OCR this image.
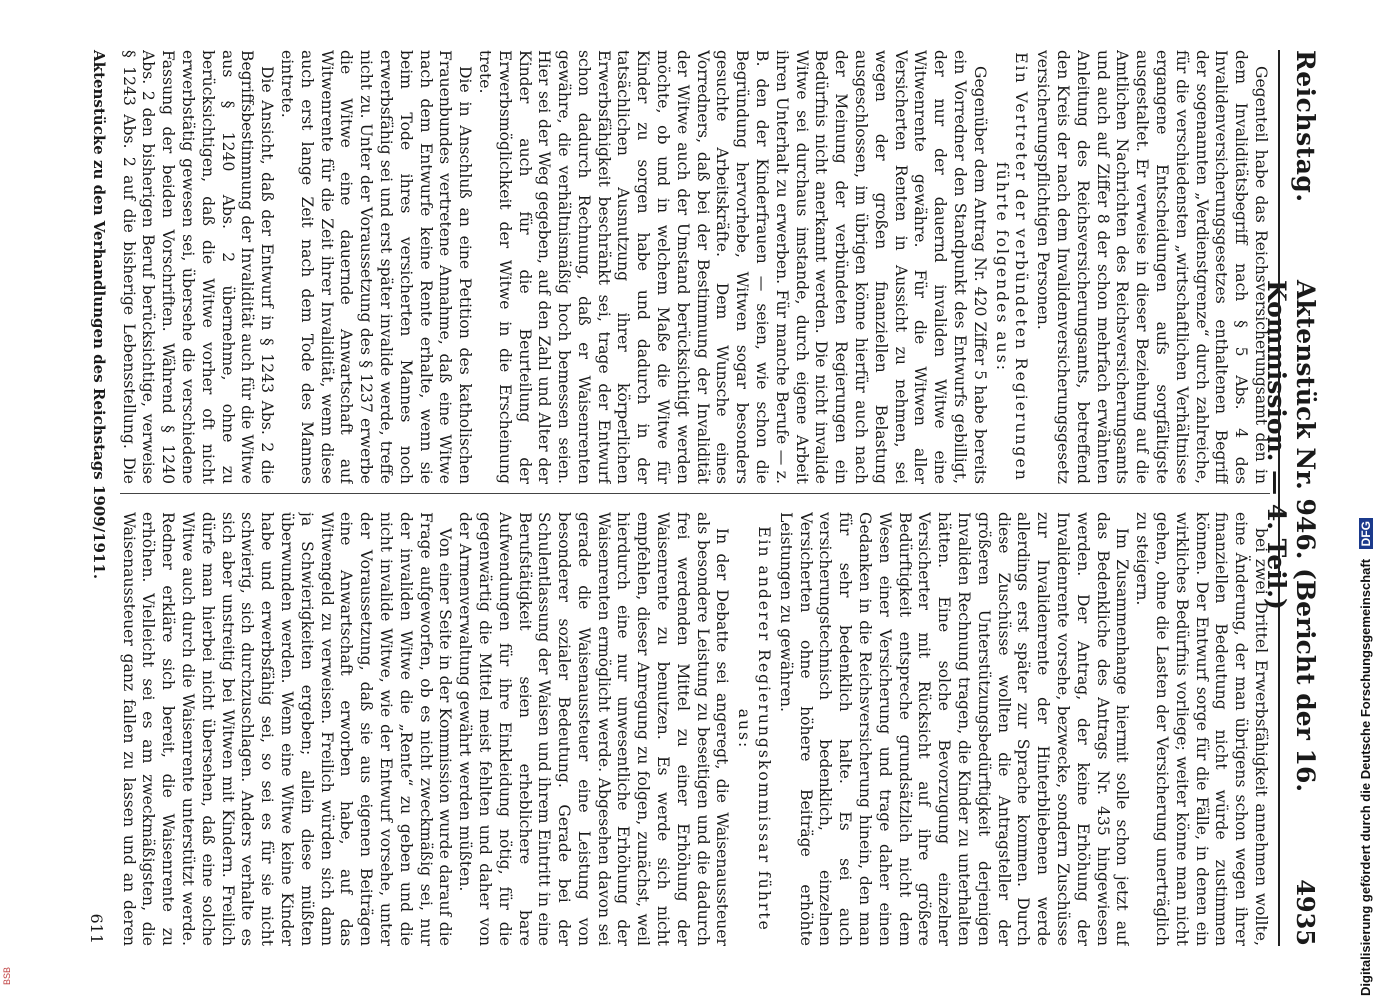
Reichstag.
Aktenstück Nr. 946. (Bericht der 16. Kommission. — 4. Teil.)
4935

Gegenteil habe das Reichsversicherungsamt den in dem Invaliditätsbegriff nach § 5 Abs. 4 des Invalidenversicherungsgesetzes enthaltenen Begriff der sogenannten „Verdienstgrenze“ durch zahlreiche, für die verschiedensten „wirtschaftlichen Verhältnisse ergangene Entscheidungen aufs sorgfältigste ausgestaltet. Er verweise in dieser Beziehung auf die Amtlichen Nachrichten des Reichsversicherungsamts und auch auf Ziffer 8 der schon mehrfach erwähnten Anleitung des Reichsversicherungsamts, betreffend den Kreis der nach dem Invalidenversicherungsgesetz versicherungspflichtigen Personen.

Ein Vertreter der verbündeten Regierungen führte folgendes aus:

Gegenüber dem Antrag Nr. 420 Ziffer 5 habe bereits ein Vorredner den Standpunkt des Entwurfs gebilligt, der nur der dauernd invaliden Witwe eine Witwenrente gewähre. Für die Witwen aller Versicherten Renten in Aussicht zu nehmen, sei wegen der großen finanziellen Belastung ausgeschlossen, im übrigen könne hierfür auch nach der Meinung der verbündeten Regierungen ein Bedürfnis nicht anerkannt werden. Die nicht invalide Witwe sei durchaus imstande, durch eigene Arbeit ihren Unterhalt zu erwerben. Für manche Berufe — z. B. den der Kinderfrauen — seien, wie schon die Begründung hervorhebe, Witwen sogar besonders gesuchte Arbeitskräfte. Dem Wunsche eines Vorredners, daß bei der Bestimmung der Invalidität der Witwe auch der Umstand berücksichtigt werden möchte, ob und in welchem Maße die Witwe für Kinder zu sorgen habe und dadurch in der tatsächlichen Ausnutzung ihrer körperlichen Erwerbsfähigkeit beschränkt sei, trage der Entwurf schon dadurch Rechnung, daß er Waisenrenten gewähre, die verhältnismäßig hoch bemessen seien. Hier sei der Weg gegeben, auf den Zahl und Alter der Kinder auch für die Beurteilung der Erwerbsmöglichkeit der Witwe in die Erscheinung trete.

Die in Anschluß an eine Petition des katholischen Frauenbundes vertretene Annahme, daß eine Witwe nach dem Entwurfe keine Rente erhalte, wenn sie beim Tode ihres versicherten Mannes noch erwerbsfähig sei und erst später invalide werde, treffe nicht zu. Unter der Voraussetzung des § 1237 erwerbe die Witwe eine dauernde Anwartschaft auf Witwenrente für die Zeit ihrer Invalidität, wenn diese auch erst lange Zeit nach dem Tode des Mannes eintrete.

Die Ansicht, daß der Entwurf in § 1243 Abs. 2 die Begriffsbestimmung der Invalidität auch für die Witwe aus § 1240 Abs. 2 übernehme, ohne zu berücksichtigen, daß die Witwe vorher oft nicht erwerbstätig gewesen sei, übersehe die verschiedene Fassung der beiden Vorschriften. Während § 1240 Abs. 2 den bisherigen Beruf berücksichtige, verweise § 1243 Abs. 2 auf die bisherige Lebensstellung. Die

bei zwei Drittel Erwerbsfähigkeit annehmen wollte, eine Änderung, der man übrigens schon wegen ihrer finanziellen Bedeutung nicht würde zustimmen können. Der Entwurf sorge für die Fälle, in denen ein wirkliches Bedürfnis vorliege; weiter könne man nicht gehen, ohne die Lasten der Versicherung unerträglich zu steigern.

Im Zusammenhange hiermit solle schon jetzt auf das Bedenkliche des Antrags Nr. 435 hingewiesen werden. Der Antrag, der keine Erhöhung der Invalidenrente vorsehe, bezwecke, sondern Zuschüsse zur Invalidenrente der Hinterbliebenen werde allerdings erst später zur Sprache kommen. Durch diese Zuschüsse wollten die Antragsteller der größeren Unterstützungsbedürftigkeit derjenigen Invaliden Rechnung tragen, die Kinder zu unterhalten hätten. Eine solche Bevorzugung einzelner Versicherter mit Rücksicht auf ihre größere Bedürftigkeit entspreche grundsätzlich nicht dem Wesen einer Versicherung und trage daher einen Gedanken in die Reichsversicherung hinein, den man für sehr bedenklich halte. Es sei auch versicherungstechnisch bedenklich, einzelnen Versicherten ohne höhere Beiträge erhöhte Leistungen zu gewähren.

Ein anderer Regierungskommissar führte aus:

In der Debatte sei angeregt, die Waisenaussteuer als besondere Leistung zu beseitigen und die dadurch frei werdenden Mittel zu einer Erhöhung der Waisenrente zu benutzen. Es werde sich nicht empfehlen, dieser Anregung zu folgen, zunächst, weil hierdurch eine nur unwesentliche Erhöhung der Waisenrenten ermöglicht werde. Abgesehen davon sei gerade die Waisenaussteuer eine Leistung von besonderer sozialer Bedeutung. Gerade bei der Schulentlassung der Waisen und ihrem Eintritt in eine Berufstätigkeit seien erheblichere bare Aufwendungen für ihre Einkleidung nötig, für die gegenwärtig die Mittel meist fehlten und daher von der Armenverwaltung gewährt werden müßten.

Von einer Seite in der Kommission wurde darauf die Frage aufgeworfen, ob es nicht zweckmäßig sei, nur der invaliden Witwe die „Rente“ zu geben und die nicht invalide Witwe, wie der Entwurf vorsehe, unter der Voraussetzung, daß sie aus eigenen Beiträgen eine Anwartschaft erworben habe, auf das Witwengeld zu verweisen. Freilich würden sich dann ja Schwierigkeiten ergeben; allein diese müßten überwunden werden. Wenn eine Witwe keine Kinder habe und erwerbsfähig sei, so sei es für sie nicht schwierig, sich durchzuschlagen. Anders verhalte es sich aber unstreitig bei Witwen mit Kindern. Freilich dürfe man hierbei nicht übersehen, daß eine solche Witwe auch durch die Waisenrente unterstützt werde. Redner erkläre sich bereit, die Waisenrente zu erhöhen. Vielleicht sei es am zweckmäßigsten, die Waisenaussteuer ganz fallen zu lassen und an deren

Aktenstücke zu den Verhandlungen des Reichstags 1909/1911.
611	Digitalisierung gefördert durch die Deutsche Forschungsgemeinschaft DFG
BSB
